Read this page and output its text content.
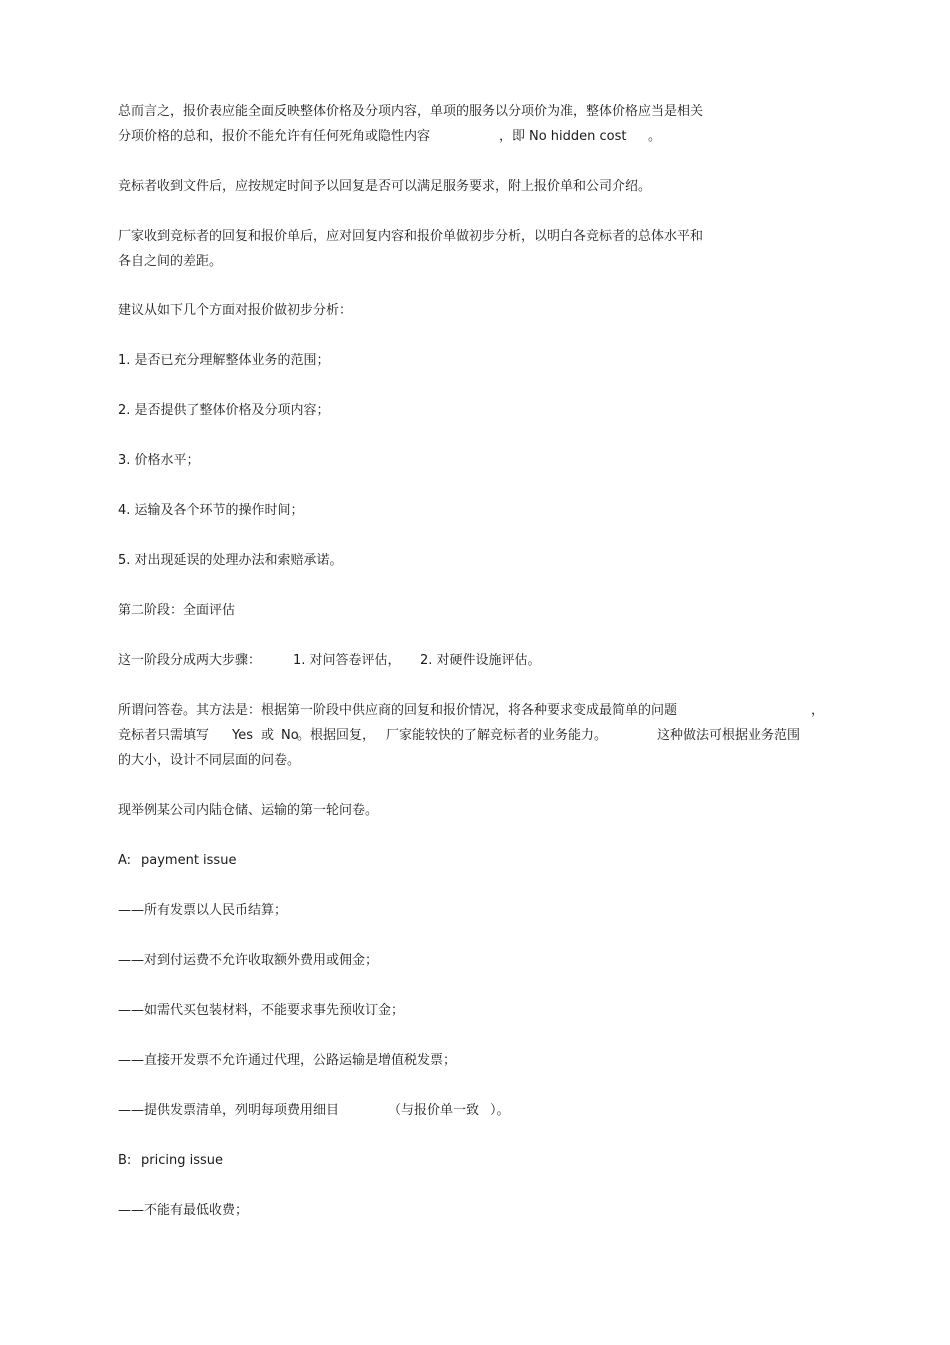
总而言之，报价表应能全面反映整体价格及分项内容，单项的服务以分项价为准，整体价格应当是相关
分项价格的总和，报价不能允许有任何死角或隐性内容	，即 No hidden cost 。
竞标者收到文件后，应按规定时间予以回复是否可以满足服务要求，附上报价单和公司介绍。
厂家收到竞标者的回复和报价单后，应对回复内容和报价单做初步分析，以明白各竞标者的总体水平和
各自之间的差距。
建议从如下几个方面对报价做初步分析：
1. 是否已充分理解整体业务的范围；
2. 是否提供了整体价格及分项内容；
3. 价格水平；
4. 运输及各个环节的操作时间；
5. 对出现延误的处理办法和索赔承诺。
第二阶段：全面评估
这一阶段分成两大步骤： 1. 对问答卷评估， 2. 对硬件设施评估。
所谓问答卷。其方法是：根据第一阶段中供应商的回复和报价情况，将各种要求变成最简单的问题	，
竞标者只需填写 Yes 或 No
。根据回复， 厂家能较快的了解竞标者的业务能力。	这种做法可根据业务范围
的大小，设计不同层面的问卷。
现举例某公司内陆仓储、运输的第一轮问卷。
A: payment issue
——所有发票以人民币结算；
——对到付运费不允许收取额外费用或佣金；
——如需代买包装材料，不能要求事先预收订金；
——直接开发票不允许通过代理，公路运输是增值税发票；
——提供发票清单，列明每项费用细目	（与报价单一致 ）。
B: pricing issue
——不能有最低收费；
